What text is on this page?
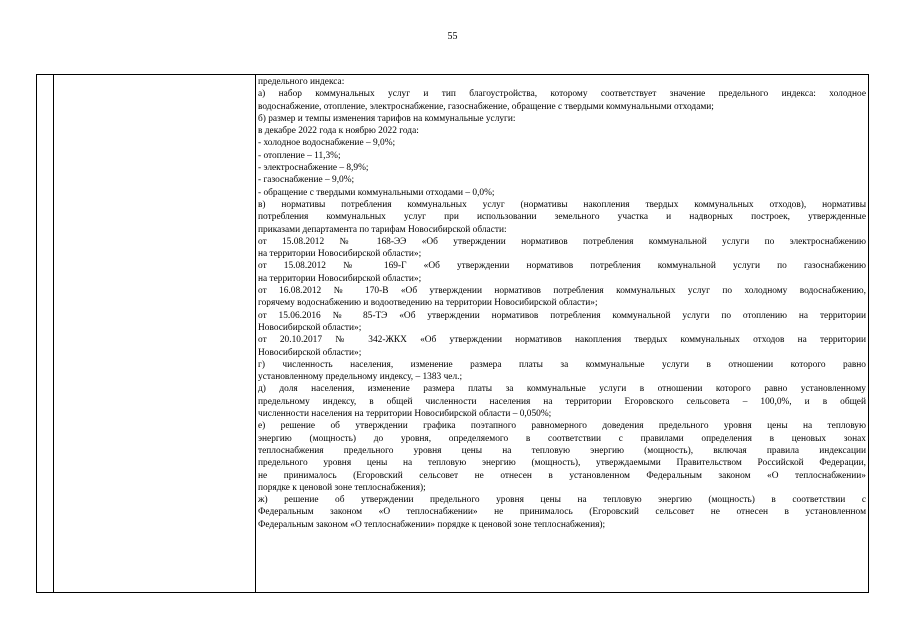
55
предельного индекса:
а) набор коммунальных услуг и тип благоустройства, которому соответствует значение предельного индекса: холодное
водоснабжение, отопление, электроснабжение, газоснабжение, обращение с твердыми коммунальными отходами;
б) размер и темпы изменения тарифов на коммунальные услуги:
в декабре 2022 года к ноябрю 2022 года:
- холодное водоснабжение – 9,0%;
- отопление – 11,3%;
- электроснабжение – 8,9%;
- газоснабжение – 9,0%;
- обращение с твердыми коммунальными отходами – 0,0%;
в) нормативы потребления коммунальных услуг (нормативы накопления твердых коммунальных отходов), нормативы
потребления коммунальных услуг при использовании земельного участка и надворных построек, утвержденные
приказами департамента по тарифам Новосибирской области:
от 15.08.2012 № 168-ЭЭ «Об утверждении нормативов потребления коммунальной услуги по электроснабжению
на территории Новосибирской области»;
от 15.08.2012 № 169-Г «Об утверждении нормативов потребления коммунальной услуги по газоснабжению
на территории Новосибирской области»;
от 16.08.2012 № 170-В «Об утверждении нормативов потребления коммунальных услуг по холодному водоснабжению,
горячему водоснабжению и водоотведению на территории Новосибирской области»;
от 15.06.2016 № 85-ТЭ «Об утверждении нормативов потребления коммунальной услуги по отоплению на территории
Новосибирской области»;
от 20.10.2017 № 342-ЖКХ «Об утверждении нормативов накопления твердых коммунальных отходов на территории
Новосибирской области»;
г) численность населения, изменение размера платы за коммунальные услуги в отношении которого равно
установленному предельному индексу, – 1383 чел.;
д) доля населения, изменение размера платы за коммунальные услуги в отношении которого равно установленному
предельному индексу, в общей численности населения на территории Егоровского сельсовета – 100,0%, и в общей
численности населения на территории Новосибирской области – 0,050%;
е) решение об утверждении графика поэтапного равномерного доведения предельного уровня цены на тепловую
энергию (мощность) до уровня, определяемого в соответствии с правилами определения в ценовых зонах
теплоснабжения предельного уровня цены на тепловую энергию (мощность), включая правила индексации
предельного уровня цены на тепловую энергию (мощность), утверждаемыми Правительством Российской Федерации,
не принималось (Егоровский сельсовет не отнесен в установленном Федеральным законом «О теплоснабжении»
порядке к ценовой зоне теплоснабжения);
ж) решение об утверждении предельного уровня цены на тепловую энергию (мощность) в соответствии с
Федеральным законом «О теплоснабжении» не принималось (Егоровский сельсовет не отнесен в установленном
Федеральным законом «О теплоснабжении» порядке к ценовой зоне теплоснабжения);
